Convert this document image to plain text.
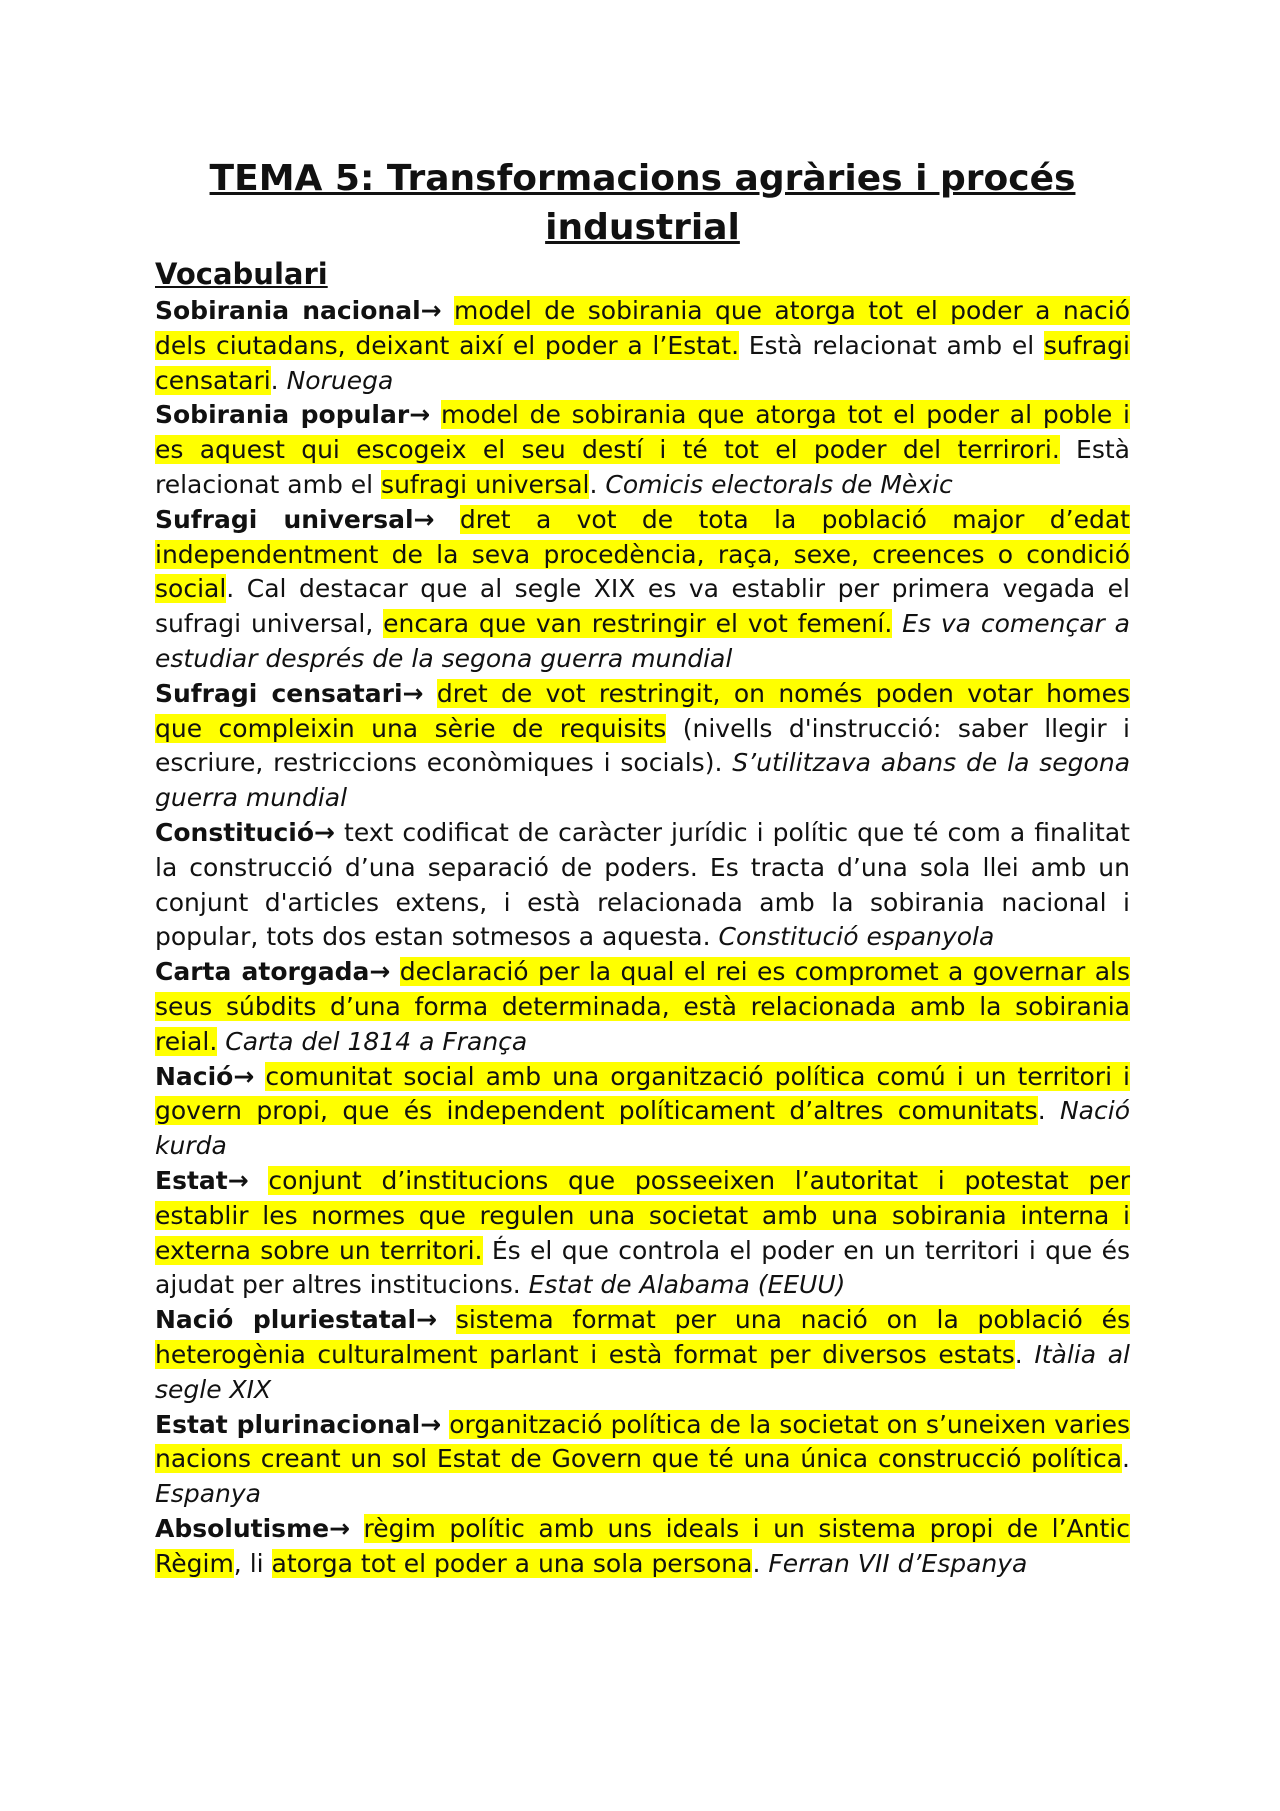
TEMA 5: Transformacions agràries i procés industrial
Vocabulari

Sobirania nacional→ model de sobirania que atorga tot el poder a nació dels ciutadans, deixant així el poder a l’Estat. Està relacionat amb el sufragi censatari. Noruega

Sobirania popular→ model de sobirania que atorga tot el poder al poble i es aquest qui escogeix el seu destí i té tot el poder del terrirori. Està relacionat amb el sufragi universal. Comicis electorals de Mèxic

Sufragi universal→ dret a vot de tota la població major d’edat independentment de la seva procedència, raça, sexe, creences o condició social. Cal destacar que al segle XIX es va establir per primera vegada el sufragi universal, encara que van restringir el vot femení. Es va començar a estudiar després de la segona guerra mundial

Sufragi censatari→ dret de vot restringit, on només poden votar homes que compleixin una sèrie de requisits (nivells d'instrucció: saber llegir i escriure, restriccions econòmiques i socials). S’utilitzava abans de la segona guerra mundial

Constitució→ text codificat de caràcter jurídic i polític que té com a finalitat la construcció d’una separació de poders. Es tracta d’una sola llei amb un conjunt d'articles extens, i està relacionada amb la sobirania nacional i popular, tots dos estan sotmesos a aquesta. Constitució espanyola

Carta atorgada→ declaració per la qual el rei es compromet a governar als seus súbdits d’una forma determinada, està relacionada amb la sobirania reial. Carta del 1814 a França

Nació→ comunitat social amb una organització política comú i un territori i govern propi, que és independent políticament d’altres comunitats. Nació kurda

Estat→ conjunt d’institucions que posseeixen l’autoritat i potestat per establir les normes que regulen una societat amb una sobirania interna i externa sobre un territori. És el que controla el poder en un territori i que és ajudat per altres institucions. Estat de Alabama (EEUU)

Nació pluriestatal→ sistema format per una nació on la població és heterogènia culturalment parlant i està format per diversos estats. Itàlia al segle XIX

Estat plurinacional→ organització política de la societat on s’uneixen varies nacions creant un sol Estat de Govern que té una única construcció política. Espanya

Absolutisme→ règim polític amb uns ideals i un sistema propi de l’Antic Règim, li atorga tot el poder a una sola persona. Ferran VII d’Espanya
